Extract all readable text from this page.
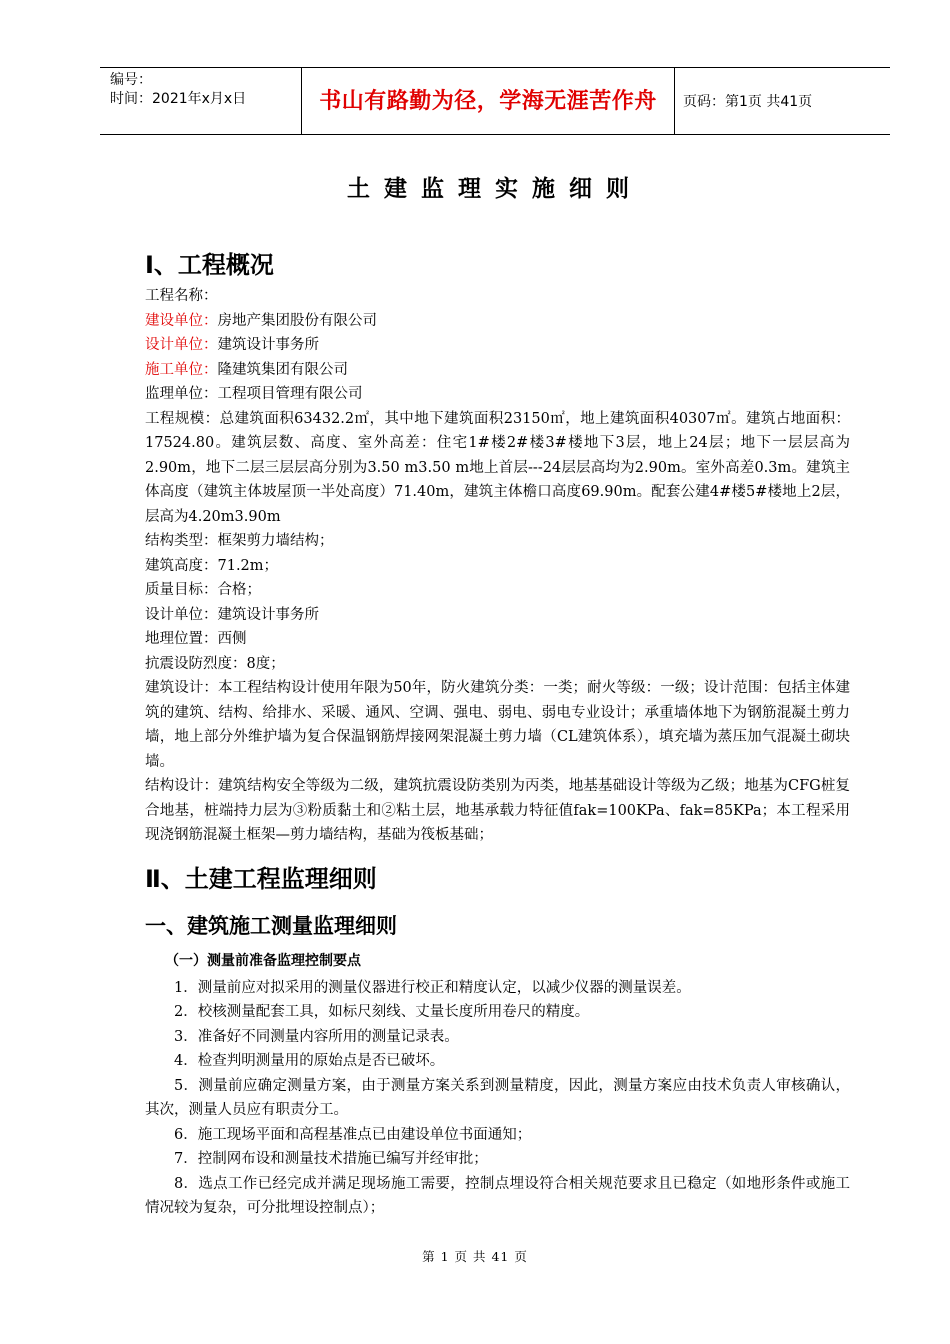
编号：
时间：2021年x月x日	书山有路勤为径，学海无涯苦作舟	页码：第1页 共41页
土建监理实施细则
Ⅰ、工程概况

工程名称：

建设单位：房地产集团股份有限公司

设计单位：建筑设计事务所

施工单位：隆建筑集团有限公司

监理单位：工程项目管理有限公司

工程规模：总建筑面积63432.2㎡，其中地下建筑面积23150㎡，地上建筑面积40307㎡。建筑占地面积：17524.80。建筑层数、高度、室外高差：住宅1#楼2#楼3#楼地下3层，地上24层；地下一层层高为2.90m，地下二层三层层高分别为3.50 m3.50 m地上首层---24层层高均为2.90m。室外高差0.3m。建筑主体高度（建筑主体坡屋顶一半处高度）71.40m，建筑主体檐口高度69.90m。配套公建4#楼5#楼地上2层，层高为4.20m3.90m

结构类型：框架剪力墙结构；

建筑高度：71.2m；

质量目标：合格；

设计单位：建筑设计事务所

地理位置：西侧

抗震设防烈度：8度；

建筑设计：本工程结构设计使用年限为50年，防火建筑分类：一类；耐火等级：一级；设计范围：包括主体建筑的建筑、结构、给排水、采暖、通风、空调、强电、弱电、弱电专业设计；承重墙体地下为钢筋混凝土剪力墙，地上部分外维护墙为复合保温钢筋焊接网架混凝土剪力墙（CL建筑体系），填充墙为蒸压加气混凝土砌块墙。

结构设计：建筑结构安全等级为二级，建筑抗震设防类别为丙类，地基基础设计等级为乙级；地基为CFG桩复合地基，桩端持力层为③粉质黏土和②粘土层，地基承载力特征值fak=100KPa、fak=85KPa；本工程采用现浇钢筋混凝土框架—剪力墙结构，基础为筏板基础；

Ⅱ、土建工程监理细则
一、建筑施工测量监理细则
（一）测量前准备监理控制要点

1．测量前应对拟采用的测量仪器进行校正和精度认定，以减少仪器的测量误差。

2．校核测量配套工具，如标尺刻线、丈量长度所用卷尺的精度。

3．准备好不同测量内容所用的测量记录表。

4．检查判明测量用的原始点是否已破坏。

5．测量前应确定测量方案，由于测量方案关系到测量精度，因此，测量方案应由技术负责人审核确认，其次，测量人员应有职责分工。

6．施工现场平面和高程基准点已由建设单位书面通知；

7．控制网布设和测量技术措施已编写并经审批；

8．选点工作已经完成并满足现场施工需要，控制点埋设符合相关规范要求且已稳定（如地形条件或施工情况较为复杂，可分批埋设控制点）；

第 1 页 共 41 页
